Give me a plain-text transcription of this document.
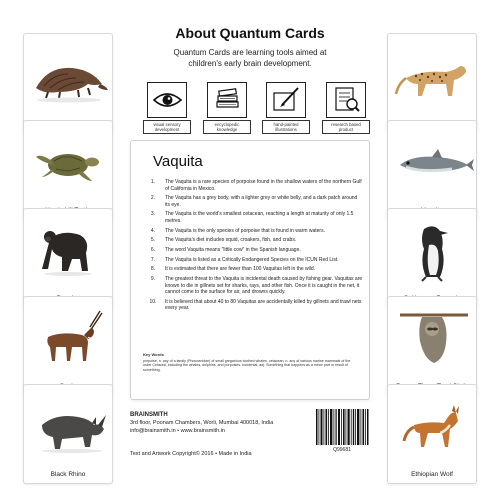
About Quantum Cards
Quantum Cards are learning tools aimed at
children's early brain development.
visual sensory development
encyclopedic knowledge
hand-painted illustrations
research based product
Black Rhino	Ethiopian Wolf
Vaquita
1.	The Vaquita is a rare species of porpoise found in the shallow waters of the northern Gulf of California in Mexico.
2.	The Vaquita has a grey body, with a lighter grey or white belly, and a dark patch around its eye.
3.	The Vaquita is the world's smallest cetacean, reaching a length at maturity of only 1.5 metres.
4.	The Vaquita is the only species of porpoise that is found in warm waters.
5.	The Vaquita's diet includes squid, croakers, fish, and crabs.
6.	The word Vaquita means "little cow" in the Spanish language.
7.	The Vaquita is listed as a Critically Endangered Species on the ICUN Red List.
8.	It is estimated that there are fewer than 100 Vaquitas left in the wild.
9.	The greatest threat to the Vaquita is incidental death caused by fishing gear. Vaquitas are known to die in gillnets set for sharks, rays, and other fish. Once it is caught in the net, it cannot come to the surface for air, and drowns quickly.
10.	It is believed that about 40 to 80 Vaquitas are accidentally killed by gillnets and trawl nets every year.
Key Words
porpoise, n. any of a family (Phocoenidae) of small gregarious toothed whales. cetacean, n. any of various marine mammals of the order Cetacea, including the whales, dolphins, and porpoises. incidental, adj. Something that happens as a minor part or result of something.
BRAINSMITH
3rd floor, Poonam Chambers, Worli, Mumbai 400018, India
info@brainsmith.in • www.brainsmith.in
Text and Artwork Copyright© 2016 • Made in India
Q99681
